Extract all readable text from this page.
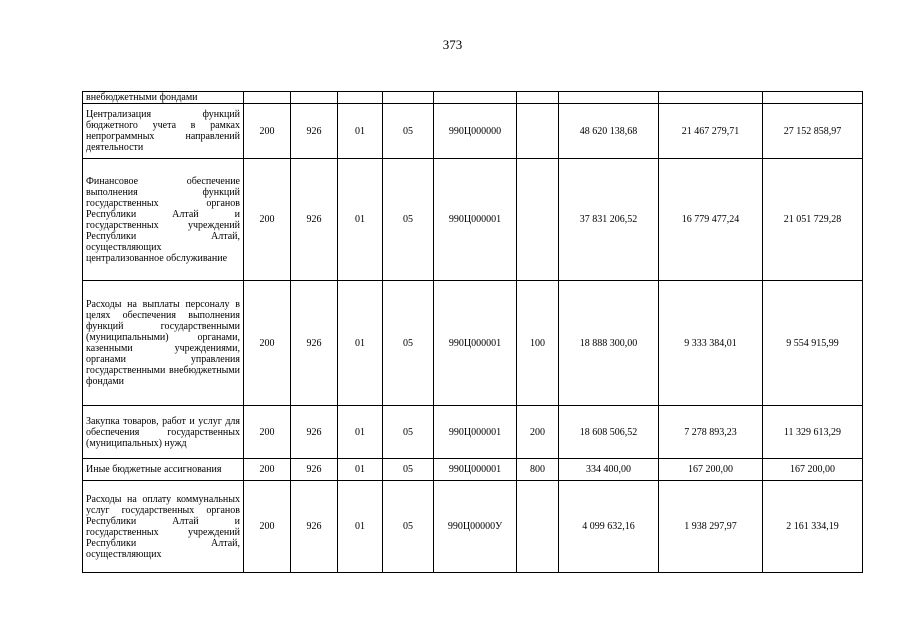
373
внебюджетными фондами									
Централизация функций бюджетного учета в рамках непрограммных направлений деятельности	200	926	01	05	990Ц000000		48 620 138,68	21 467 279,71	27 152 858,97
Финансовое обеспечение выполнения функций государственных органов Республики Алтай и государственных учреждений Республики Алтай, осуществляющих централизованное обслуживание	200	926	01	05	990Ц000001		37 831 206,52	16 779 477,24	21 051 729,28
Расходы на выплаты персоналу в целях обеспечения выполнения функций государственными (муниципальными) органами, казенными учреждениями, органами управления государственными внебюджетными фондами	200	926	01	05	990Ц000001	100	18 888 300,00	9 333 384,01	9 554 915,99
Закупка товаров, работ и услуг для обеспечения государственных (муниципальных) нужд	200	926	01	05	990Ц000001	200	18 608 506,52	7 278 893,23	11 329 613,29
Иные бюджетные ассигнования	200	926	01	05	990Ц000001	800	334 400,00	167 200,00	167 200,00
Расходы на оплату коммунальных услуг государственных органов Республики Алтай и государственных учреждений Республики Алтай, осуществляющих	200	926	01	05	990Ц00000У		4 099 632,16	1 938 297,97	2 161 334,19
